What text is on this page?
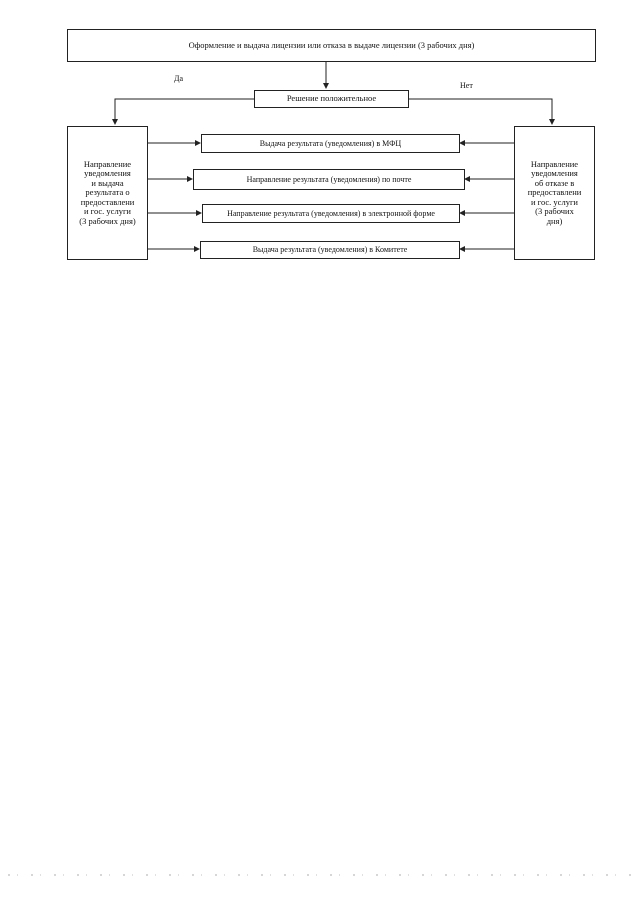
Оформление и выдача лицензии или отказа в выдаче лицензии (3 рабочих дня)
Да
Нет
Решение положительное
Направление
уведомления
и выдача
результата о
предоставлени
и гос. услуги
(3 рабочих дня)
Направление
уведомления
об отказе в
предоставлени
и гос. услуги
(3 рабочих
дня)
Выдача результата (уведомления) в МФЦ
Направление результата (уведомления) по почте
Направление результата (уведомления) в электронной форме
Выдача результата (уведомления) в Комитете
